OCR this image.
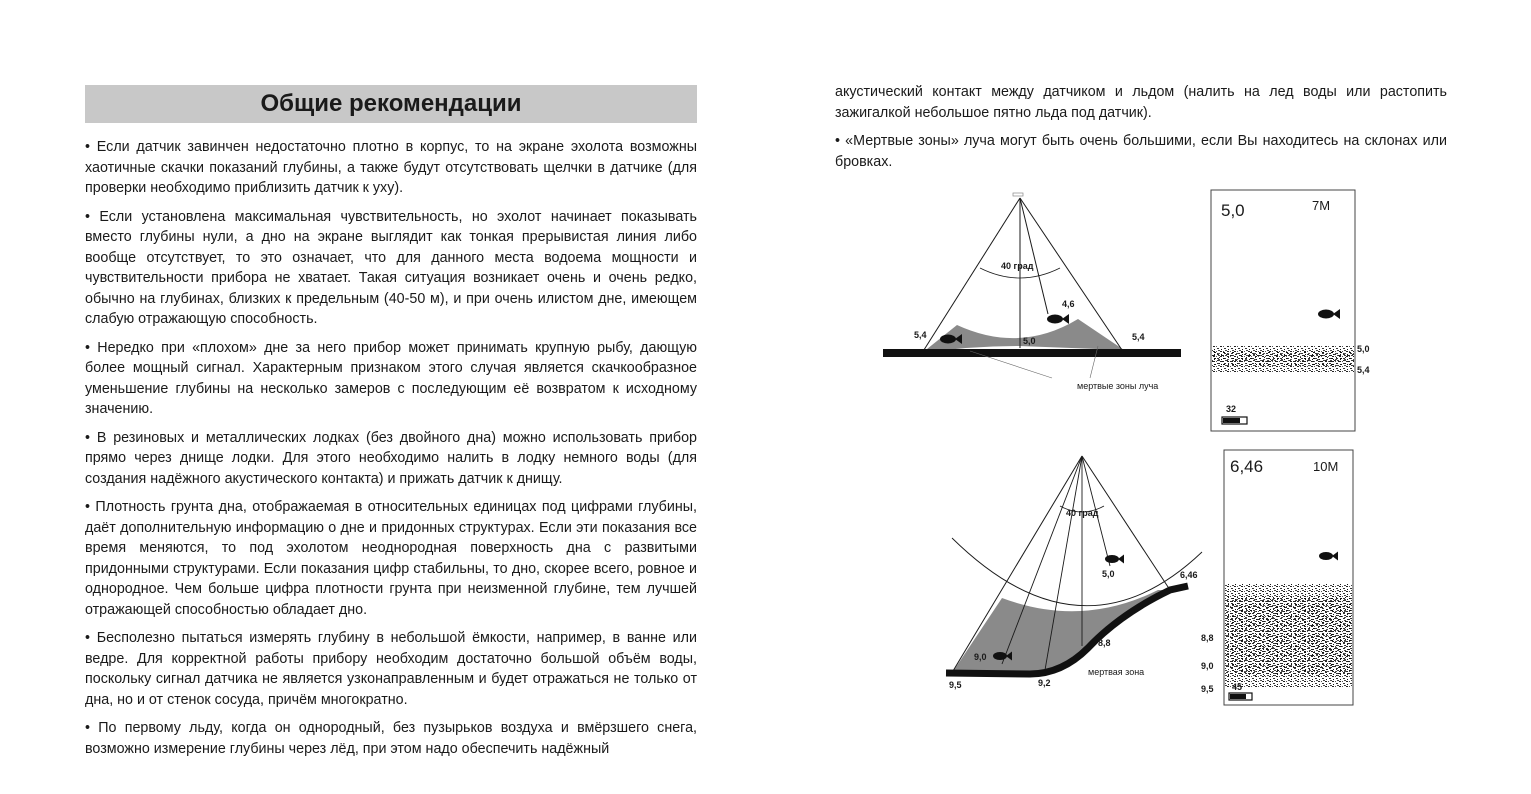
Общие рекомендации

• Если датчик завинчен недостаточно плотно в корпус, то на экране эхолота возможны хаотичные скачки показаний глубины, а также будут отсутствовать щелчки в датчике (для проверки необходимо приблизить датчик к уху).

• Если установлена максимальная чувствительность, но эхолот начинает показывать вместо глубины нули, а дно на экране выглядит как тонкая прерывистая линия либо вообще отсутствует, то это означает, что для данного места водоема мощности и чувствительности прибора не хватает. Такая ситуация возникает очень и очень редко, обычно на глубинах, близких к предельным (40-50 м), и при очень илистом дне, имеющем слабую отражающую способность.

• Нередко при «плохом» дне за него прибор может принимать крупную рыбу, дающую более мощный сигнал. Характерным признаком этого случая является скачкообразное уменьшение глубины на несколько замеров с последующим её возвратом к исходному значению.

• В резиновых и металлических лодках (без двойного дна) можно использовать прибор прямо через днище лодки. Для этого необходимо налить в лодку немного воды (для создания надёжного акустического контакта) и прижать датчик к днищу.

• Плотность грунта дна, отображаемая в относительных единицах под цифрами глубины, даёт дополнительную информацию о дне и придонных структурах. Если эти показания все время меняются, то под эхолотом неоднородная поверхность дна с развитыми придонными структурами. Если показания цифр стабильны, то дно, скорее всего, ровное и однородное. Чем больше цифра плотности грунта при неизменной глубине, тем лучшей отражающей способностью обладает дно.

• Бесполезно пытаться измерять глубину в небольшой ёмкости, например, в ванне или ведре. Для корректной работы прибору необходим достаточно большой объём воды, поскольку сигнал датчика не является узконаправленным и будет отражаться не только от дна, но и от стенок сосуда, причём многократно.

• По первому льду, когда он однородный, без пузырьков воздуха и вмёрзшего снега, возможно измерение глубины через лёд, при этом надо обеспечить надёжный

акустический контакт между датчиком и льдом (налить на лед воды или растопить зажигалкой небольшое пятно льда под датчик).

• «Мертвые зоны» луча могут быть очень большими, если Вы находитесь на склонах или бровках.

40 град
4,6
5,4
5,0	5,4
мертвые зоны луча
5,0	7М
5,0
5,4
32
40 град
5,0	6,46
8,8
9,0
9,5	9,2
мертвая зона
6,46	10М
8,8
9,0
9,5 45
